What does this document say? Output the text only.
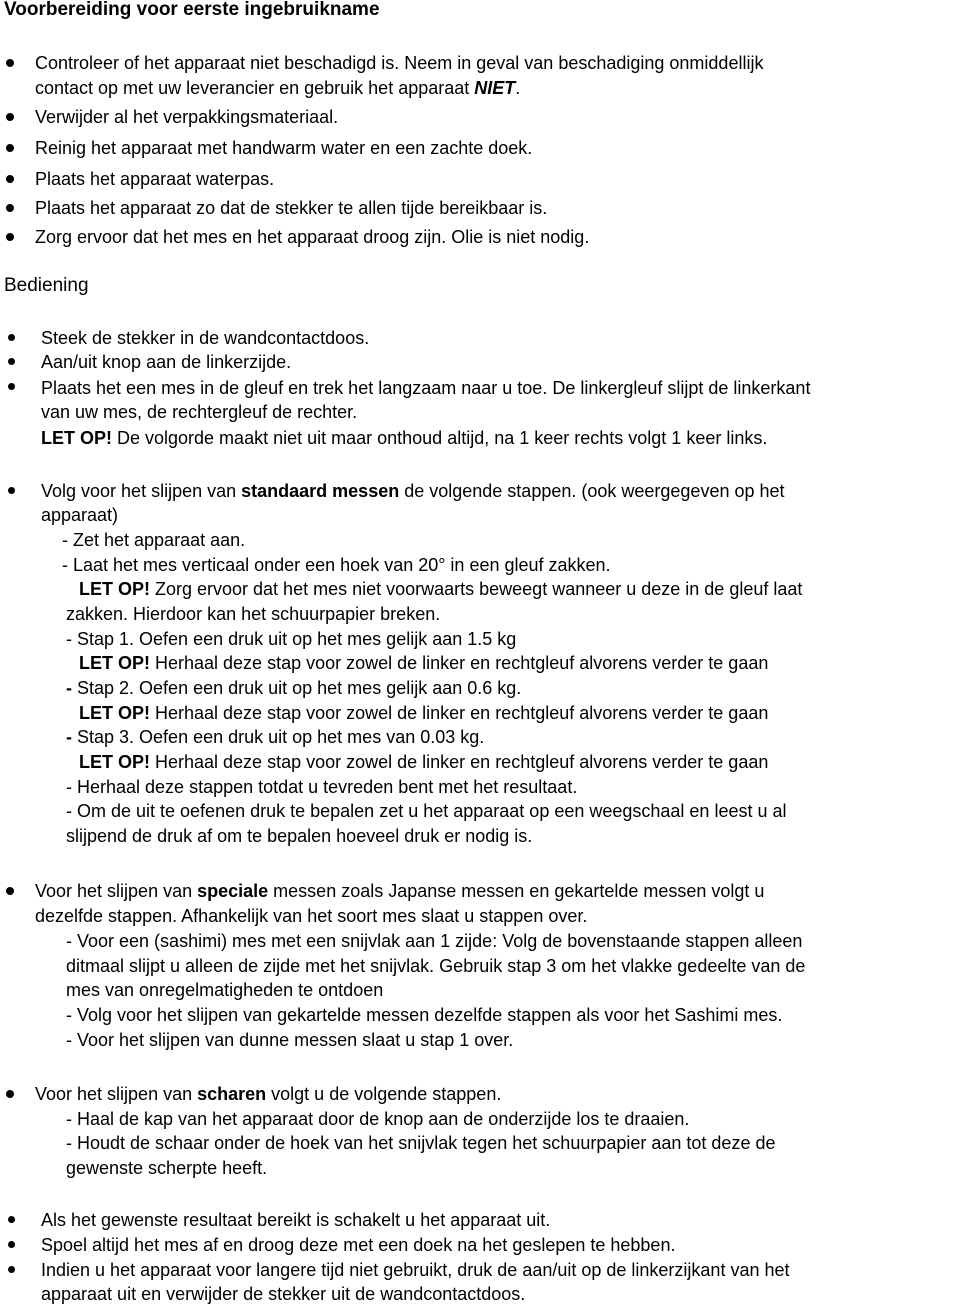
Voorbereiding voor eerste ingebruikname
Controleer of het apparaat niet beschadigd is. Neem in geval van beschadiging onmiddellijk
contact op met uw leverancier en gebruik het apparaat NIET.
Verwijder al het verpakkingsmateriaal.
Reinig het apparaat met handwarm water en een zachte doek.
Plaats het apparaat waterpas.
Plaats het apparaat zo dat de stekker te allen tijde bereikbaar is.
Zorg ervoor dat het mes en het apparaat droog zijn. Olie is niet nodig.
Bediening
Steek de stekker in de wandcontactdoos.
Aan/uit knop aan de linkerzijde.
Plaats het een mes in de gleuf en trek het langzaam naar u toe. De linkergleuf slijpt de linkerkant
van uw mes, de rechtergleuf de rechter.
LET OP! De volgorde maakt niet uit maar onthoud altijd, na 1 keer rechts volgt 1 keer links.
Volg voor het slijpen van standaard messen de volgende stappen. (ook weergegeven op het
apparaat)
- Zet het apparaat aan.
- Laat het mes verticaal onder een hoek van 20° in een gleuf zakken.
LET OP! Zorg ervoor dat het mes niet voorwaarts beweegt wanneer u deze in de gleuf laat
zakken. Hierdoor kan het schuurpapier breken.
- Stap 1. Oefen een druk uit op het mes gelijk aan 1.5 kg
LET OP! Herhaal deze stap voor zowel de linker en rechtgleuf alvorens verder te gaan
- Stap 2. Oefen een druk uit op het mes gelijk aan 0.6 kg.
LET OP! Herhaal deze stap voor zowel de linker en rechtgleuf alvorens verder te gaan
- Stap 3. Oefen een druk uit op het mes van 0.03 kg.
LET OP! Herhaal deze stap voor zowel de linker en rechtgleuf alvorens verder te gaan
- Herhaal deze stappen totdat u tevreden bent met het resultaat.
- Om de uit te oefenen druk te bepalen zet u het apparaat op een weegschaal en leest u al
slijpend de druk af om te bepalen hoeveel druk er nodig is.
Voor het slijpen van speciale messen zoals Japanse messen en gekartelde messen volgt u
dezelfde stappen. Afhankelijk van het soort mes slaat u stappen over.
- Voor een (sashimi) mes met een snijvlak aan 1 zijde: Volg de bovenstaande stappen alleen
ditmaal slijpt u alleen de zijde met het snijvlak. Gebruik stap 3 om het vlakke gedeelte van de
mes van onregelmatigheden te ontdoen
- Volg voor het slijpen van gekartelde messen dezelfde stappen als voor het Sashimi mes.
- Voor het slijpen van dunne messen slaat u stap 1 over.
Voor het slijpen van scharen volgt u de volgende stappen.
- Haal de kap van het apparaat door de knop aan de onderzijde los te draaien.
- Houdt de schaar onder de hoek van het snijvlak tegen het schuurpapier aan tot deze de
gewenste scherpte heeft.
Als het gewenste resultaat bereikt is schakelt u het apparaat uit.
Spoel altijd het mes af en droog deze met een doek na het geslepen te hebben.
Indien u het apparaat voor langere tijd niet gebruikt, druk de aan/uit op de linkerzijkant van het
apparaat uit en verwijder de stekker uit de wandcontactdoos.
